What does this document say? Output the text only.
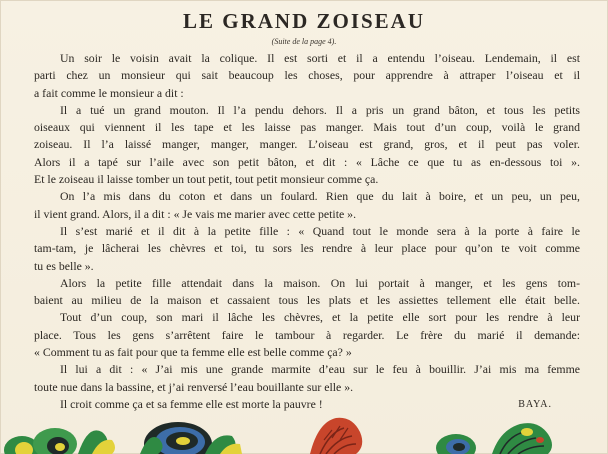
LE GRAND ZOISEAU
(Suite de la page 4).
Un soir le voisin avait la colique. Il est sorti et il a entendu l’oiseau. Lendemain, il est
parti chez un monsieur qui sait beaucoup les choses, pour apprendre à attraper l’oiseau et il
a fait comme le monsieur a dit :
Il a tué un grand mouton. Il l’a pendu dehors. Il a pris un grand bâton, et tous les petits
oiseaux qui viennent il les tape et les laisse pas manger. Mais tout d’un coup, voilà le grand
zoiseau. Il l’a laissé manger, manger, manger. L’oiseau est grand, gros, et il peut pas voler.
Alors il a tapé sur l’aile avec son petit bâton, et dit : « Lâche ce que tu as en-dessous toi ».
Et le zoiseau il laisse tomber un tout petit, tout petit monsieur comme ça.
On l’a mis dans du coton et dans un foulard. Rien que du lait à boire, et un peu, un peu,
il vient grand. Alors, il a dit : « Je vais me marier avec cette petite ».
Il s’est marié et il dit à la petite fille : « Quand tout le monde sera à la porte à faire le
tam-tam, je lâcherai les chèvres et toi, tu sors les rendre à leur place pour qu’on te voit comme
tu es belle ».
Alors la petite fille attendait dans la maison. On lui portait à manger, et les gens tom-
baient au milieu de la maison et cassaient tous les plats et les assiettes tellement elle était belle.
Tout d’un coup, son mari il lâche les chèvres, et la petite elle sort pour les rendre à leur
place. Tous les gens s’arrêtent faire le tambour à regarder. Le frère du marié il demande:
« Comment tu as fait pour que ta femme elle est belle comme ça? »
Il lui a dit : « J’ai mis une grande marmite d’eau sur le feu à bouillir. J’ai mis ma femme
toute nue dans la bassine, et j’ai renversé l’eau bouillante sur elle ».
Il croit comme ça et sa femme elle est morte la pauvre !	BAYA.
